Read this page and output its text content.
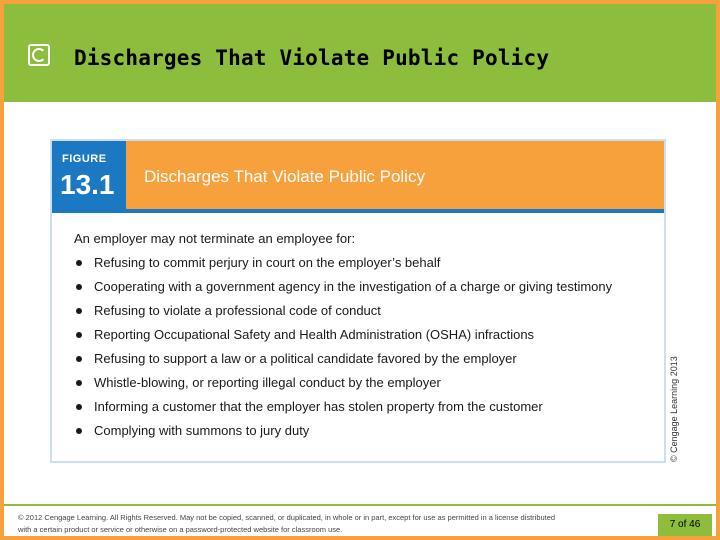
Discharges That Violate Public Policy
FIGURE
13.1 Discharges That Violate Public Policy
An employer may not terminate an employee for:
Refusing to commit perjury in court on the employer’s behalf
Cooperating with a government agency in the investigation of a charge or giving testimony
Refusing to violate a professional code of conduct
Reporting Occupational Safety and Health Administration (OSHA) infractions
Refusing to support a law or a political candidate favored by the employer
Whistle-blowing, or reporting illegal conduct by the employer
Informing a customer that the employer has stolen property from the customer
Complying with summons to jury duty	© Cengage Learning 2013
© 2012 Cengage Learning. All Rights Reserved. May not be copied, scanned, or duplicated, in whole or in part, except for use as permitted in a license distributed with a certain product or service or otherwise on a password-protected website for classroom use.	7 of 46
